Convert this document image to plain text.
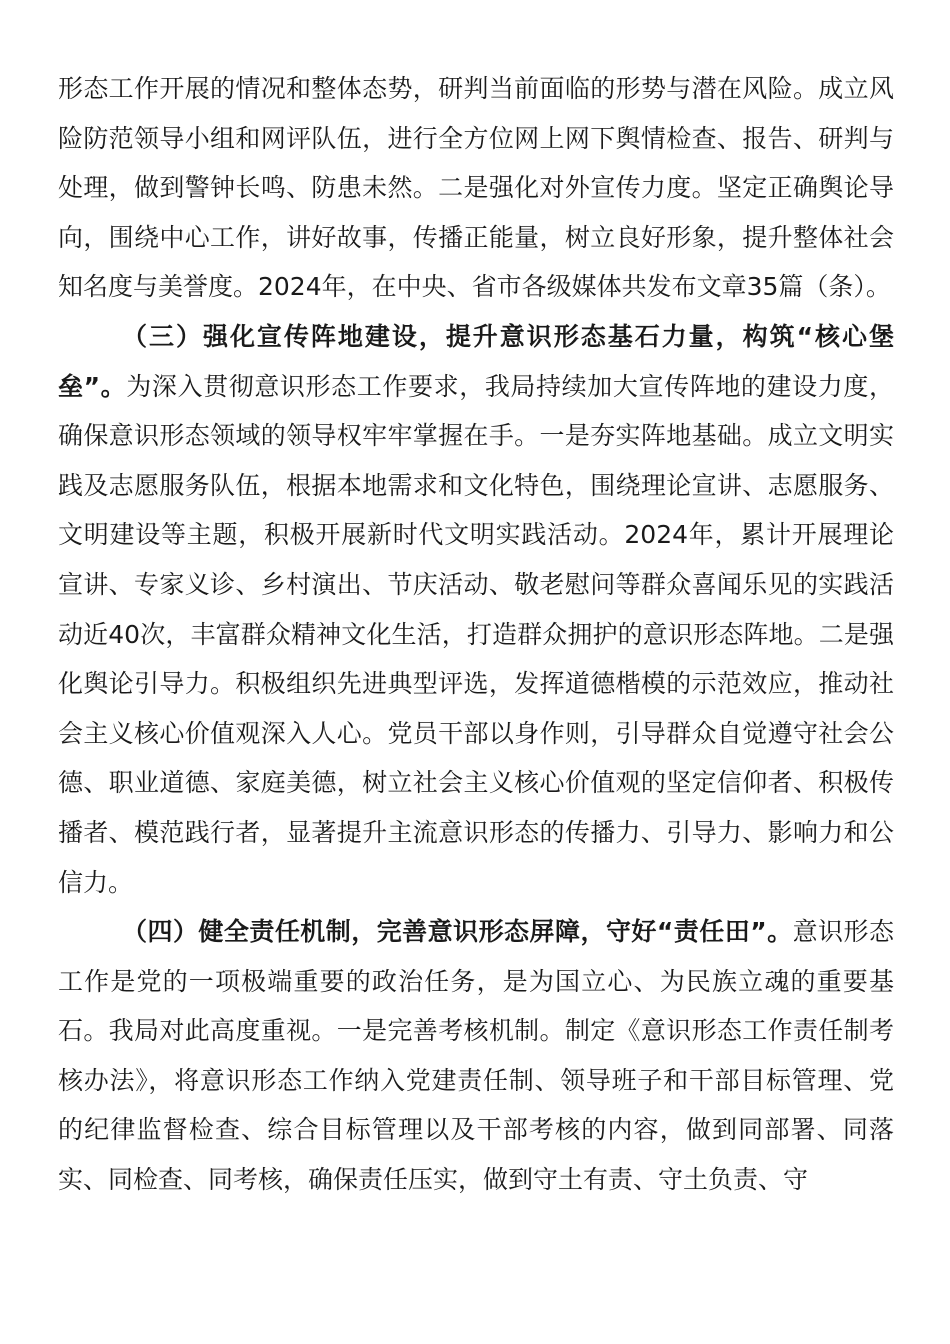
形态工作开展的情况和整体态势，研判当前面临的形势与潜在风险。成立风险防范领导小组和网评队伍，进行全方位网上网下舆情检查、报告、研判与处理，做到警钟长鸣、防患未然。二是强化对外宣传力度。坚定正确舆论导向，围绕中心工作，讲好故事，传播正能量，树立良好形象，提升整体社会知名度与美誉度。2024年，在中央、省市各级媒体共发布文章35篇（条）。

（三）强化宣传阵地建设，提升意识形态基石力量，构筑“核心堡垒”。为深入贯彻意识形态工作要求，我局持续加大宣传阵地的建设力度，确保意识形态领域的领导权牢牢掌握在手。一是夯实阵地基础。成立文明实践及志愿服务队伍，根据本地需求和文化特色，围绕理论宣讲、志愿服务、文明建设等主题，积极开展新时代文明实践活动。2024年，累计开展理论宣讲、专家义诊、乡村演出、节庆活动、敬老慰问等群众喜闻乐见的实践活动近40次，丰富群众精神文化生活，打造群众拥护的意识形态阵地。二是强化舆论引导力。积极组织先进典型评选，发挥道德楷模的示范效应，推动社会主义核心价值观深入人心。党员干部以身作则，引导群众自觉遵守社会公德、职业道德、家庭美德，树立社会主义核心价值观的坚定信仰者、积极传播者、模范践行者，显著提升主流意识形态的传播力、引导力、影响力和公信力。

（四）健全责任机制，完善意识形态屏障，守好“责任田”。意识形态工作是党的一项极端重要的政治任务，是为国立心、为民族立魂的重要基石。我局对此高度重视。一是完善考核机制。制定《意识形态工作责任制考核办法》，将意识形态工作纳入党建责任制、领导班子和干部目标管理、党的纪律监督检查、综合目标管理以及干部考核的内容，做到同部署、同落实、同检查、同考核，确保责任压实，做到守土有责、守土负责、守
